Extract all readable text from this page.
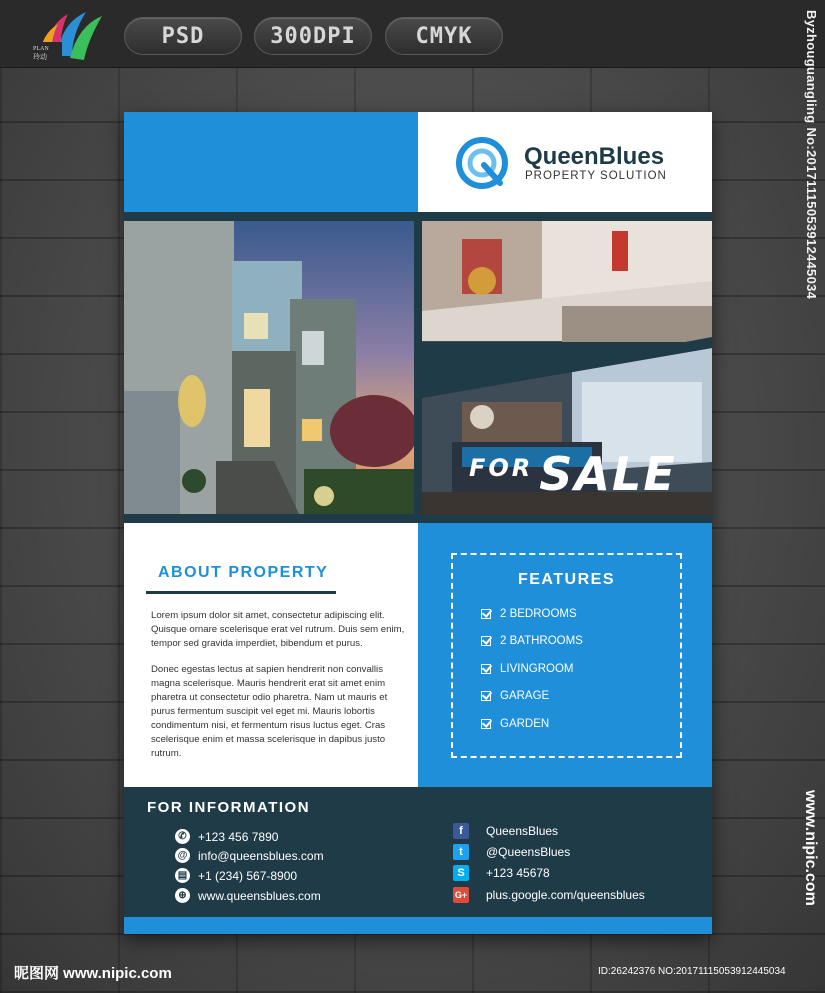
PLAN
玲动
PSD	300DPI	CMYK	Byzhouguangling No:20171115053912445034
www.nipic.com
昵图网 www.nipic.com	ID:26242376 NO:20171115053912445034
QueenBlues
PROPERTY SOLUTION
FOR SALE
ABOUT PROPERTY

Lorem ipsum dolor sit amet, consectetur adipiscing elit. Quisque ornare scelerisque erat vel rutrum. Duis sem enim, tempor sed gravida imperdiet, bibendum et purus.

Donec egestas lectus at sapien hendrerit non convallis magna scelerisque. Mauris hendrerit erat sit amet enim pharetra ut consectetur odio pharetra. Nam ut mauris et purus fermentum suscipit vel eget mi. Mauris lobortis condimentum nisi, et fermentum risus luctus eget. Cras scelerisque enim et massa scelerisque in dapibus justo rutrum.

FEATURES
2 BEDROOMS
2 BATHROOMS
LIVINGROOM
GARAGE
GARDEN
FOR INFORMATION
✆ +123 456 7890
@ info@queensblues.com
▤ +1 (234) 567-8900
⊕ www.queensblues.com
f	QueensBlues
t	@QueensBlues
S	+123 45678
G+ plus.google.com/queensblues
